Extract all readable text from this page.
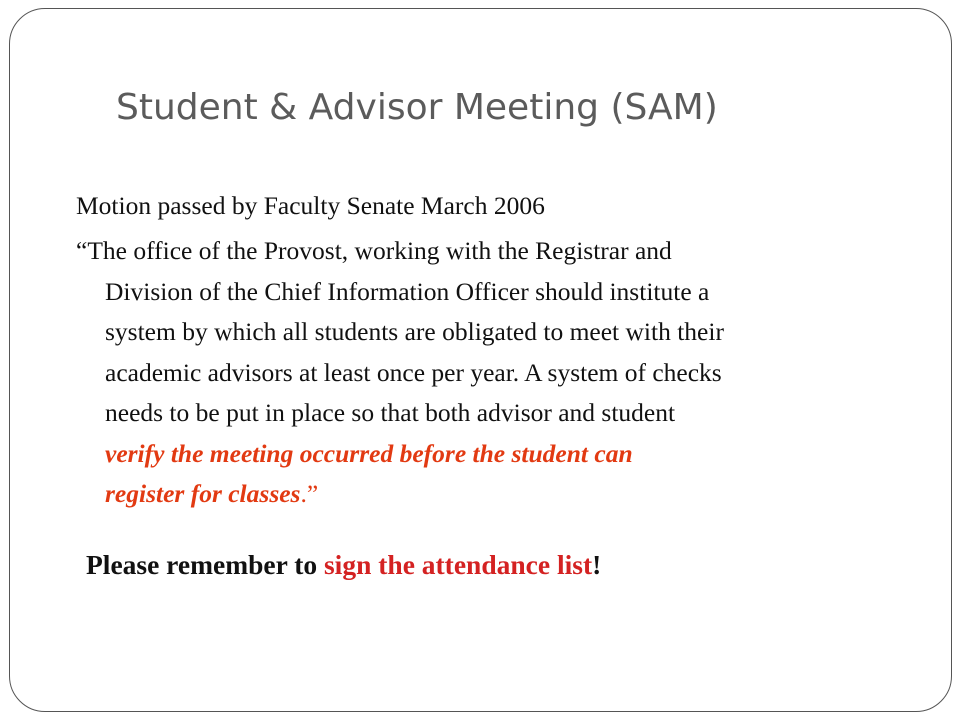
Student & Advisor Meeting (SAM)

Motion passed by Faculty Senate March 2006

“The office of the Provost, working with the Registrar and
Division of the Chief Information Officer should institute a
system by which all students are obligated to meet with their
academic advisors at least once per year. A system of checks
needs to be put in place so that both advisor and student
verify the meeting occurred before the student can
register for classes.”

Please remember to sign the attendance list!
